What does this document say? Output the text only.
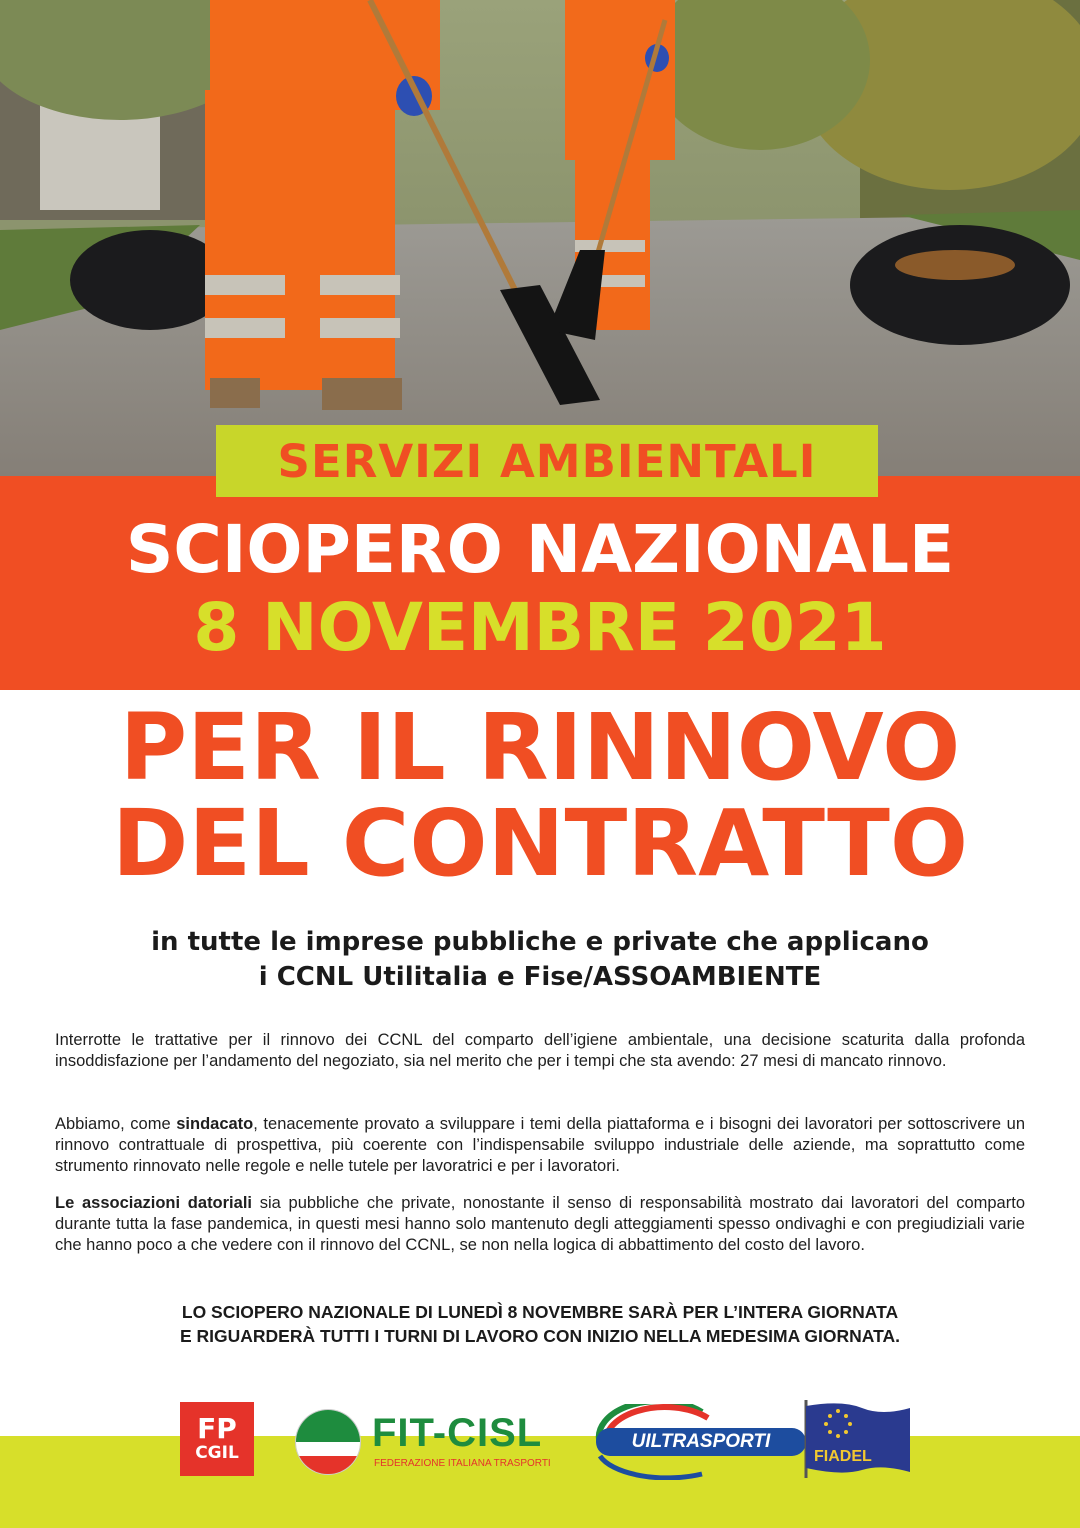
SERVIZI AMBIENTALI
SCIOPERO NAZIONALE
8 NOVEMBRE 2021
PER IL RINNOVO
DEL CONTRATTO
in tutte le imprese pubbliche e private che applicano
i CCNL Utilitalia e Fise/ASSOAMBIENTE

Interrotte le trattative per il rinnovo dei CCNL del comparto dell’igiene ambientale, una decisione scaturita dalla profonda insoddisfazione per l’andamento del negoziato, sia nel merito che per i tempi che sta avendo: 27 mesi di mancato rinnovo.

Abbiamo, come sindacato, tenacemente provato a sviluppare i temi della piattaforma e i bisogni dei lavoratori per sottoscrivere un rinnovo contrattuale di prospettiva, più coerente con l’indispensabile sviluppo industriale delle aziende, ma soprattutto come strumento rinnovato nelle regole e nelle tutele per lavoratrici e per i lavoratori.

Le associazioni datoriali sia pubbliche che private, nonostante il senso di responsabilità mostrato dai lavoratori del comparto durante tutta la fase pandemica, in questi mesi hanno solo mantenuto degli atteggiamenti spesso ondivaghi e con pregiudiziali varie che hanno poco a che vedere con il rinnovo del CCNL, se non nella logica di abbattimento del costo del lavoro.

LO SCIOPERO NAZIONALE DI LUNEDÌ 8 NOVEMBRE SARÀ PER L’INTERA GIORNATA
E RIGUARDERÀ TUTTI I TURNI DI LAVORO CON INIZIO NELLA MEDESIMA GIORNATA.
FP
CGIL	FIT-CISL
FEDERAZIONE ITALIANA TRASPORTI
UILTRASPORTI
FIADEL
